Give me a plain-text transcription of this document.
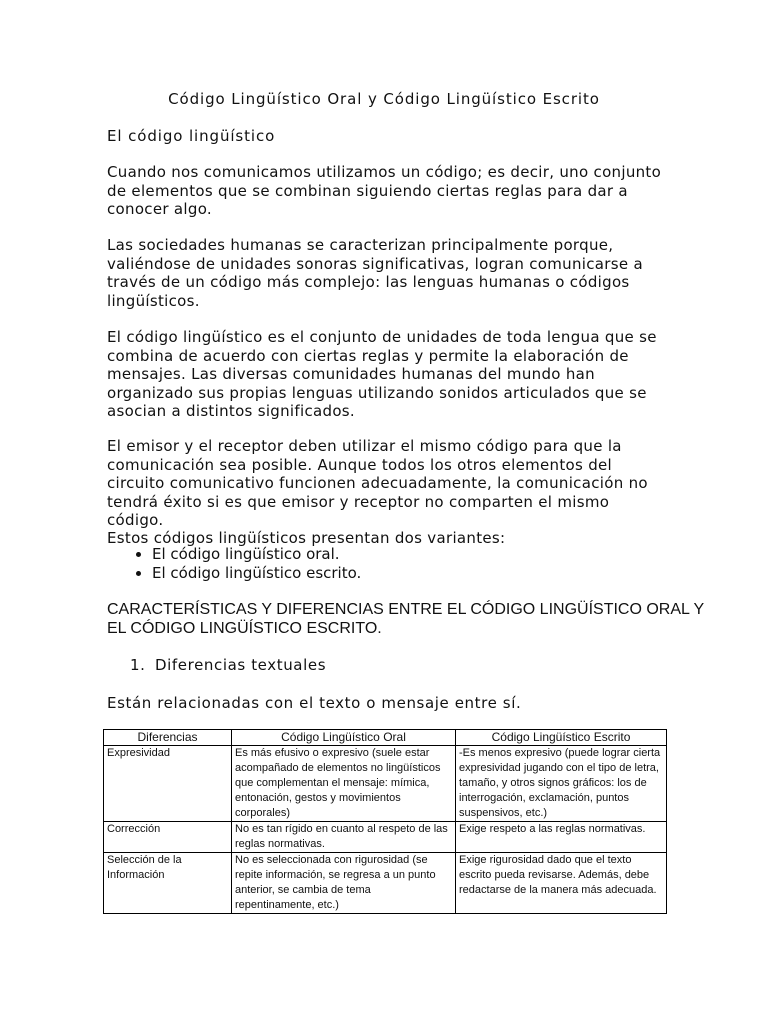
Código Lingüístico Oral y Código Lingüístico Escrito
El código lingüístico
Cuando nos comunicamos utilizamos un código; es decir, uno conjunto de elementos que se combinan siguiendo ciertas reglas para dar a conocer algo.
Las sociedades humanas se caracterizan principalmente porque, valiéndose de unidades sonoras significativas, logran comunicarse a través de un código más complejo: las lenguas humanas o códigos lingüísticos.
El código lingüístico es el conjunto de unidades de toda lengua que se combina de acuerdo con ciertas reglas y permite la elaboración de mensajes. Las diversas comunidades humanas del mundo han organizado sus propias lenguas utilizando sonidos articulados que se asocian a distintos significados.
El emisor y el receptor deben utilizar el mismo código para que la comunicación sea posible. Aunque todos los otros elementos del circuito comunicativo funcionen adecuadamente, la comunicación no tendrá éxito si es que emisor y receptor no comparten el mismo código.
Estos códigos lingüísticos presentan dos variantes:
• El código lingüístico oral.
• El código lingüístico escrito.
CARACTERÍSTICAS Y DIFERENCIAS ENTRE EL CÓDIGO LINGÜÍSTICO ORAL Y EL CÓDIGO LINGÜÍSTICO ESCRITO.
1. Diferencias textuales
Están relacionadas con el texto o mensaje entre sí.
Diferencias	Código Lingüístico Oral	Código Lingüístico Escrito
Expresividad	Es más efusivo o expresivo (suele estar acompañado de elementos no lingüísticos que complementan el mensaje: mímica, entonación, gestos y movimientos corporales)	-Es menos expresivo (puede lograr cierta expresividad jugando con el tipo de letra, tamaño, y otros signos gráficos: los de interrogación, exclamación, puntos suspensivos, etc.)
Corrección	No es tan rígido en cuanto al respeto de las reglas normativas.	Exige respeto a las reglas normativas.
Selección de la Información	No es seleccionada con rigurosidad (se repite información, se regresa a un punto anterior, se cambia de tema repentinamente, etc.)	Exige rigurosidad dado que el texto escrito pueda revisarse. Además, debe redactarse de la manera más adecuada.
